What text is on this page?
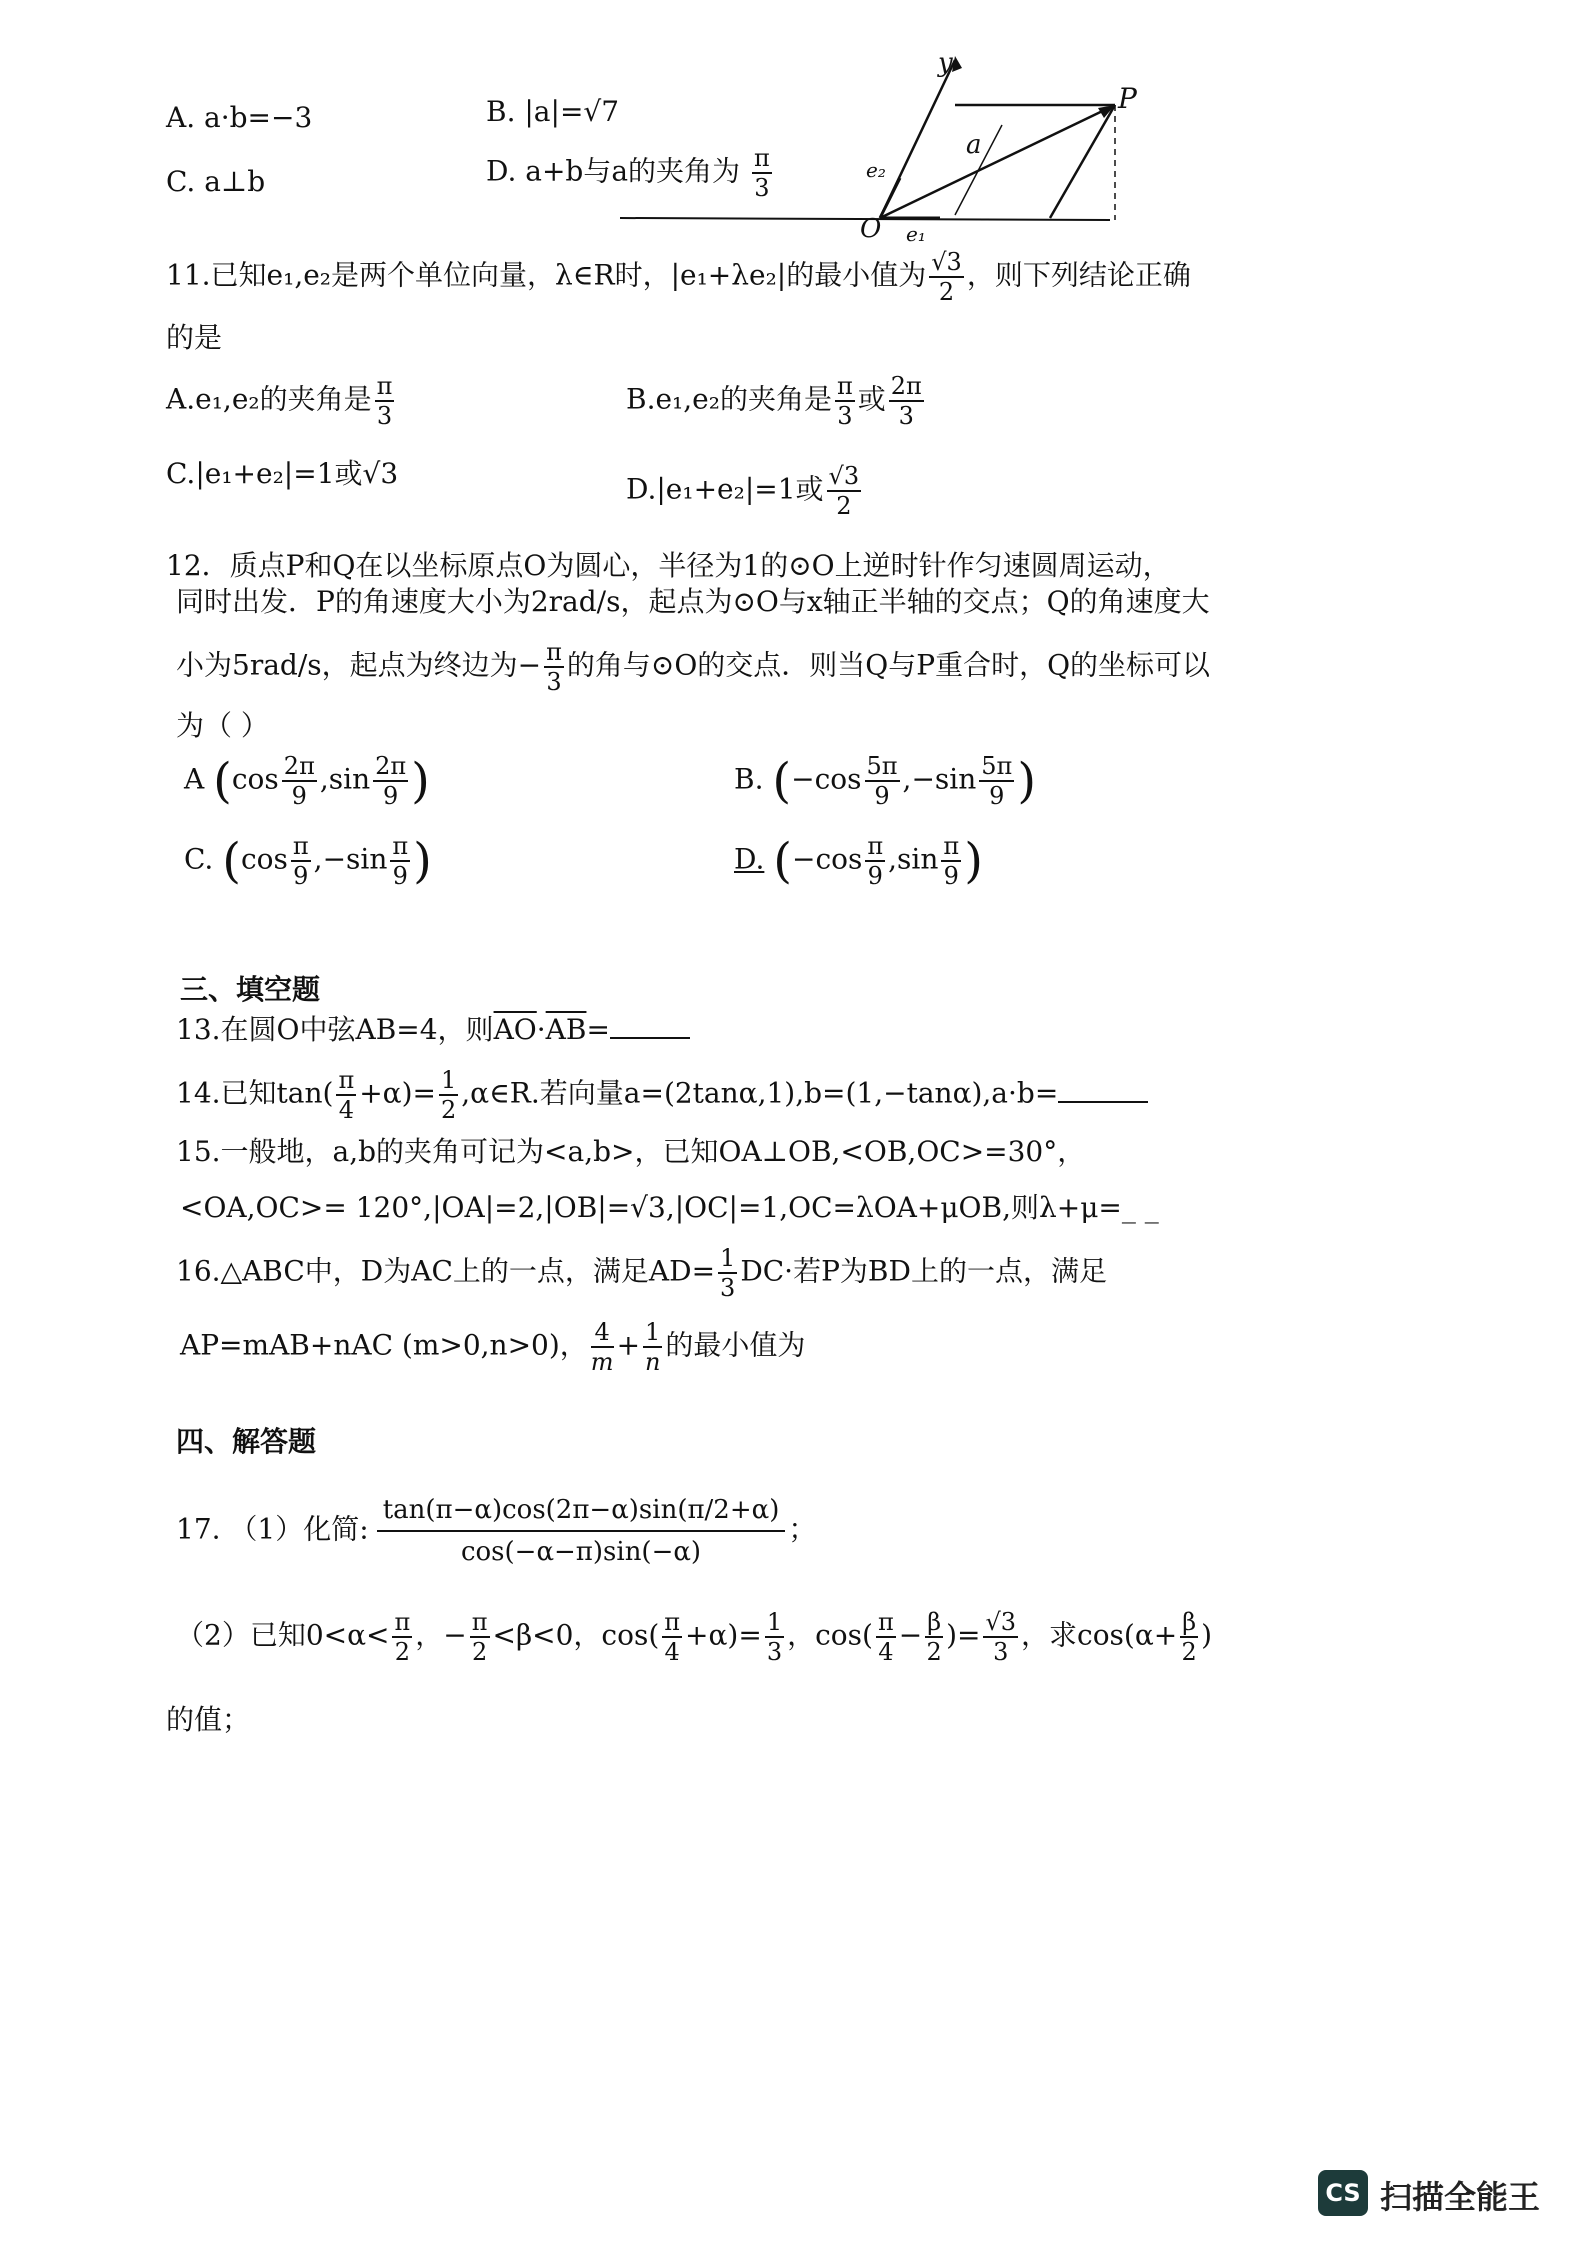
A. a·b=−3	B. |a|=√7
C. a⊥b	D. a+b与a的夹角为 $\frac{\pi}{3}$
y
P
O
a
e₁
e₂
11.已知e₁,e₂是两个单位向量，λ∈R时，|e₁+λe₂|的最小值为 $\frac{√3}{2}$ ，则下列结论正确
的是
A.e₁,e₂的夹角是 $\frac{\pi}{3}$	B.e₁,e₂的夹角是 $\frac{\pi}{3}$ 或 $\frac{2\pi}{3}$
C.|e₁+e₂|=1或√3	D.|e₁+e₂|=1或 $\frac{√3}{2}$
12．质点P和Q在以坐标原点O为圆心，半径为1的⊙O上逆时针作匀速圆周运动，
同时出发．P的角速度大小为2rad/s，起点为⊙O与x轴正半轴的交点；Q的角速度大
小为5rad/s，起点为终边为− $\frac{\pi}{3}$ 的角与⊙O的交点．则当Q与P重合时，Q的坐标可以
为（ ）
A ($\cos \frac{2\pi}{9} ,\sin \frac{2\pi}{9}$ )	B. ($-\cos \frac{5\pi}{9} ,-\sin \frac{5\pi}{9}$ )
C. ($\cos \frac{\pi}{9} ,-\sin \frac{\pi}{9}$ )	D. ($-\cos \frac{\pi}{9} ,\sin \frac{\pi}{9}$ )
三、填空题
13.在圆O中弦AB=4，则$\overline{AO}\cdot\overline{AB}=$
14.已知$\tan( \frac{\pi}{4} +\alpha)= \frac{1}{2}$ ,α∈R.若向量a=(2tanα,1),b=(1,−tanα),a·b=
15.一般地，a,b的夹角可记为<a,b>，已知OA⊥OB,<OB,OC>=30°，
<OA,OC>= 120°,|OA|=2,|OB|=√3,|OC|=1,OC=λOA+μOB,则λ+μ=_ _
16.△ABC中，D为AC上的一点，满足$AD= \frac{1}{3} DC\cdot$若P为BD上的一点，满足
AP=mAB+nAC (m>0,n>0)， $\frac{4}{m} + \frac{1}{n}$ 的最小值为
四、解答题
17. （1）化简: $\frac{\tan(\pi-\alpha)\cos(2\pi-\alpha)\sin(\pi/2+\alpha)}{\cos(-\alpha-\pi)\sin(-\alpha)}$ ；
（2）已知$0<\alpha< \frac{\pi}{2}$ ，− $\frac{\pi}{2} <\beta<0$，$\cos( \frac{\pi}{4} +\alpha)= \frac{1}{3}$ ，$\cos( \frac{\pi}{4} - \frac{\beta}{2}$ )= $\frac{√3}{3}$ ，求$\cos(\alpha+ \frac{\beta}{2}$ )
的值；
CS 扫描全能王
